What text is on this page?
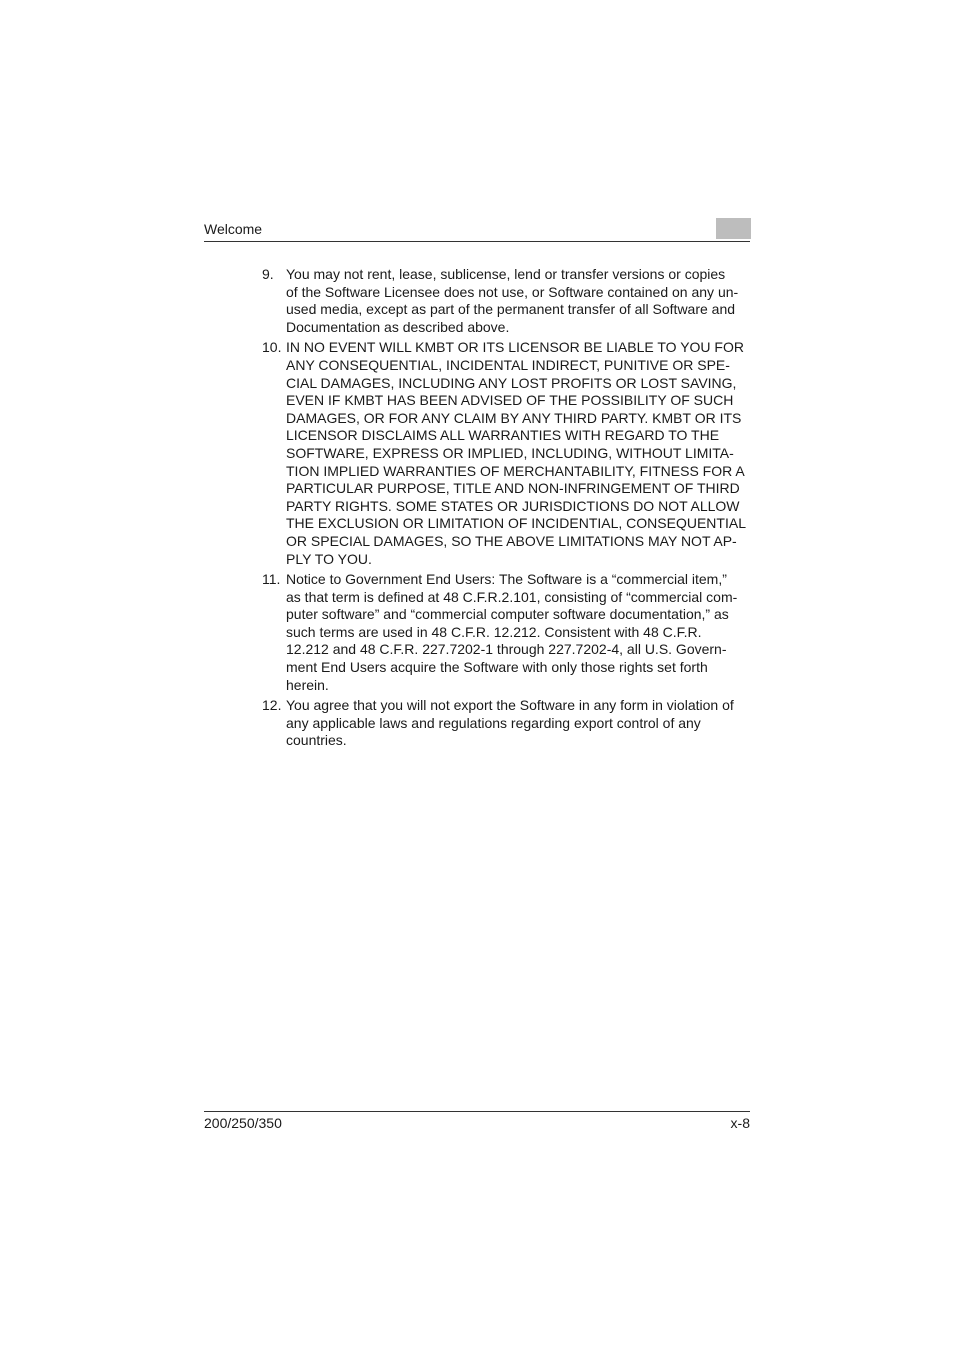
Welcome
9. You may not rent, lease, sublicense, lend or transfer versions or copies
of the Software Licensee does not use, or Software contained on any un-
used media, except as part of the permanent transfer of all Software and
Documentation as described above.
10. IN NO EVENT WILL KMBT OR ITS LICENSOR BE LIABLE TO YOU FOR
ANY CONSEQUENTIAL, INCIDENTAL INDIRECT, PUNITIVE OR SPE-
CIAL DAMAGES, INCLUDING ANY LOST PROFITS OR LOST SAVING,
EVEN IF KMBT HAS BEEN ADVISED OF THE POSSIBILITY OF SUCH
DAMAGES, OR FOR ANY CLAIM BY ANY THIRD PARTY. KMBT OR ITS
LICENSOR DISCLAIMS ALL WARRANTIES WITH REGARD TO THE
SOFTWARE, EXPRESS OR IMPLIED, INCLUDING, WITHOUT LIMITA-
TION IMPLIED WARRANTIES OF MERCHANTABILITY, FITNESS FOR A
PARTICULAR PURPOSE, TITLE AND NON-INFRINGEMENT OF THIRD
PARTY RIGHTS. SOME STATES OR JURISDICTIONS DO NOT ALLOW
THE EXCLUSION OR LIMITATION OF INCIDENTIAL, CONSEQUENTIAL
OR SPECIAL DAMAGES, SO THE ABOVE LIMITATIONS MAY NOT AP-
PLY TO YOU.
11. Notice to Government End Users: The Software is a “commercial item,”
as that term is defined at 48 C.F.R.2.101, consisting of “commercial com-
puter software” and “commercial computer software documentation,” as
such terms are used in 48 C.F.R. 12.212. Consistent with 48 C.F.R.
12.212 and 48 C.F.R. 227.7202-1 through 227.7202-4, all U.S. Govern-
ment End Users acquire the Software with only those rights set forth
herein.
12. You agree that you will not export the Software in any form in violation of
any applicable laws and regulations regarding export control of any
countries.
200/250/350	x-8
